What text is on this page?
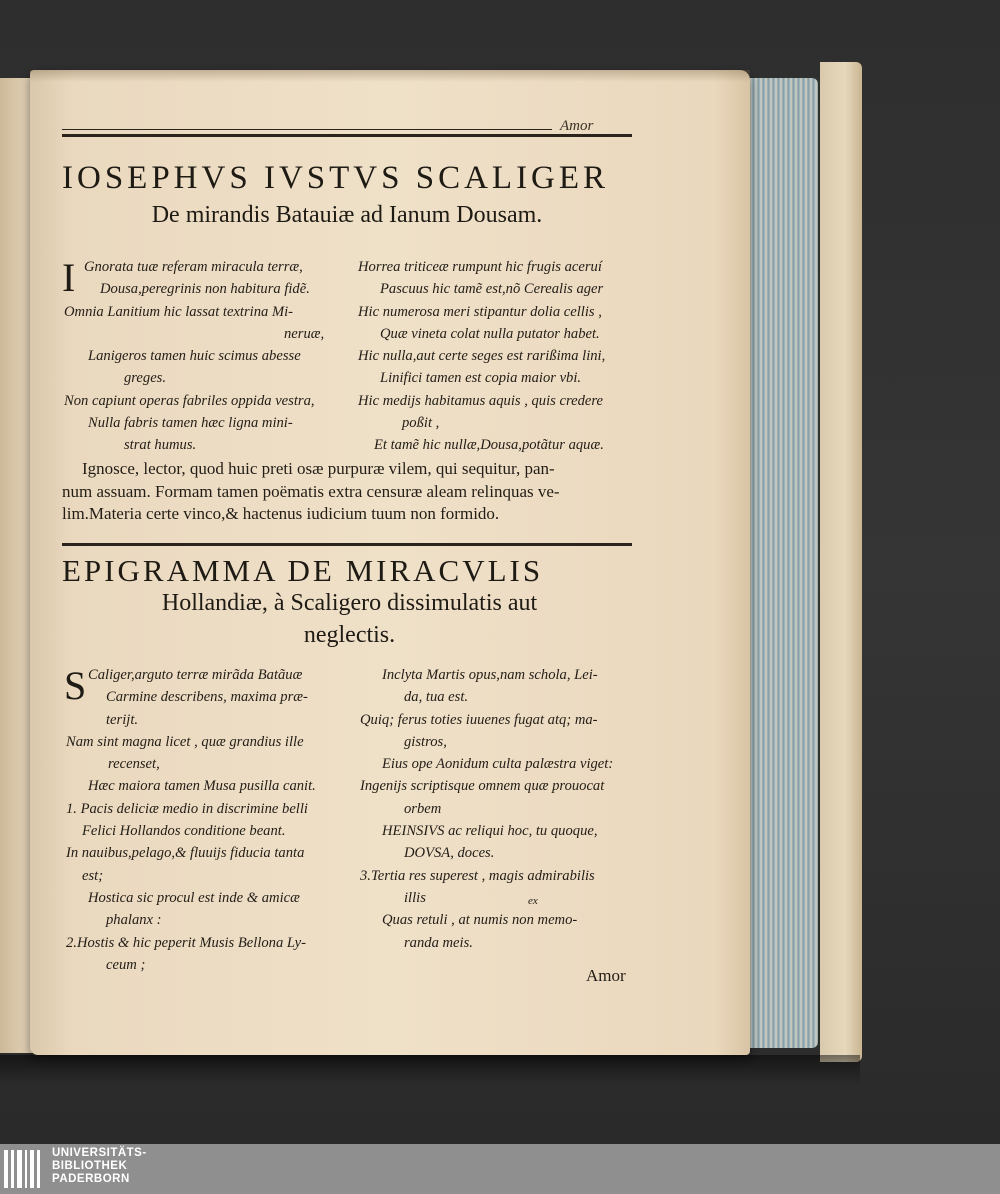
Amor
IOSEPHVS IVSTVS SCALIGER
De mirandis Batauiæ ad Ianum Dousam.
I Gnorata tuæ referam miracula terræ,
Dousa,peregrinis non habitura fidẽ.
Omnia Lanitium hic lassat textrina Mi-
neruæ,
Lanigeros tamen huic scimus abesse
greges.
Non capiunt operas fabriles oppida vestra,
Nulla fabris tamen hæc ligna mini-
strat humus.
Horrea triticeæ rumpunt hic frugis aceruí
Pascuus hic tamẽ est,nõ Cerealis ager
Hic numerosa meri stipantur dolia cellis ,
Quæ vineta colat nulla putator habet.
Hic nulla,aut certe seges est rarißima lini,
Linifici tamen est copia maior vbi.
Hic medijs habitamus aquis , quis credere
poßit ,
Et tamẽ hic nullæ,Dousa,potãtur aquæ.
Ignosce, lector, quod huic preti osæ purpuræ vilem, qui sequitur, pan-
num assuam. Formam tamen poëmatis extra censuræ aleam relinquas ve-
lim.Materia certe vinco,& hactenus iudicium tuum non formido.
EPIGRAMMA DE MIRACVLIS
Hollandiæ, à Scaligero dissimulatis aut
neglectis.
S Caliger,arguto terræ mirãda Batãuæ
Carmine describens, maxima præ-
terijt.
Nam sint magna licet , quæ grandius ille
recenset,
Hæc maiora tamen Musa pusilla canit.
1. Pacis deliciæ medio in discrimine belli
Felici Hollandos conditione beant.
In nauibus,pelago,& fluuijs fiducia tanta
est;
Hostica sic procul est inde & amicæ
phalanx :
2.Hostis & hic peperit Musis Bellona Ly-
ceum ;
Inclyta Martis opus,nam schola, Lei-
da, tua est.
Quiq; ferus toties iuuenes fugat atq; ma-
gistros,
Eius ope Aonidum culta palæstra viget:
Ingenijs scriptisque omnem quæ prouocat
orbem
HEINSIVS ac reliqui hoc, tu quoque,
DOVSA, doces.
3.Tertia res superest , magis admirabilis
illis
Quas retuli , at numis non memo-
randa meis.
ex
Amor
UNIVERSITÄTS-
BIBLIOTHEK
PADERBORN
